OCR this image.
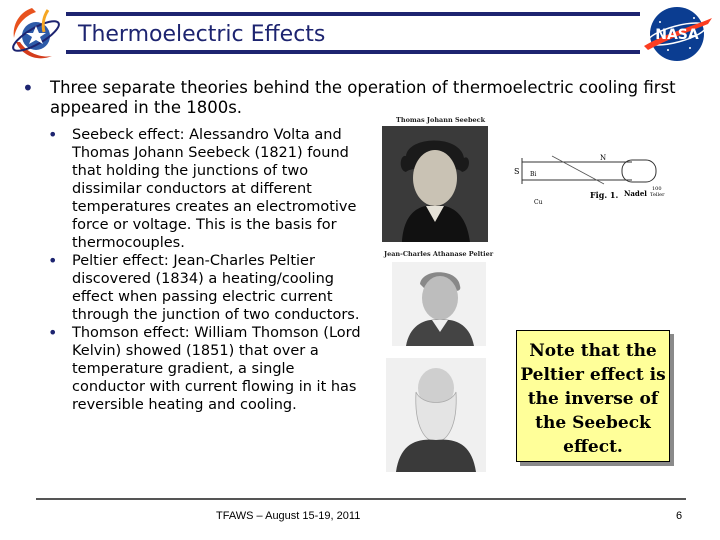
Thermoelectric Effects	NASA
• Three separate theories behind the operation of thermoelectric cooling first appeared in the 1800s.
• Seebeck effect: Alessandro Volta and Thomas Johann Seebeck (1821) found that holding the junctions of two dissimilar conductors at different temperatures creates an electromotive force or voltage. This is the basis for thermocouples.
• Peltier effect: Jean-Charles Peltier discovered (1834) a heating/cooling effect when passing electric current through the junction of two conductors.
• Thomson effect: William Thomson (Lord Kelvin) showed (1851) that over a temperature gradient, a single conductor with current flowing in it has reversible heating and cooling.
Thomas Johann Seebeck
Jean-Charles Athanase Peltier
S
N
Bi
Cu
Fig. 1. Nadel 100
Teller
Note that the Peltier effect is the inverse of the Seebeck effect.
TFAWS – August 15-19, 2011	6
